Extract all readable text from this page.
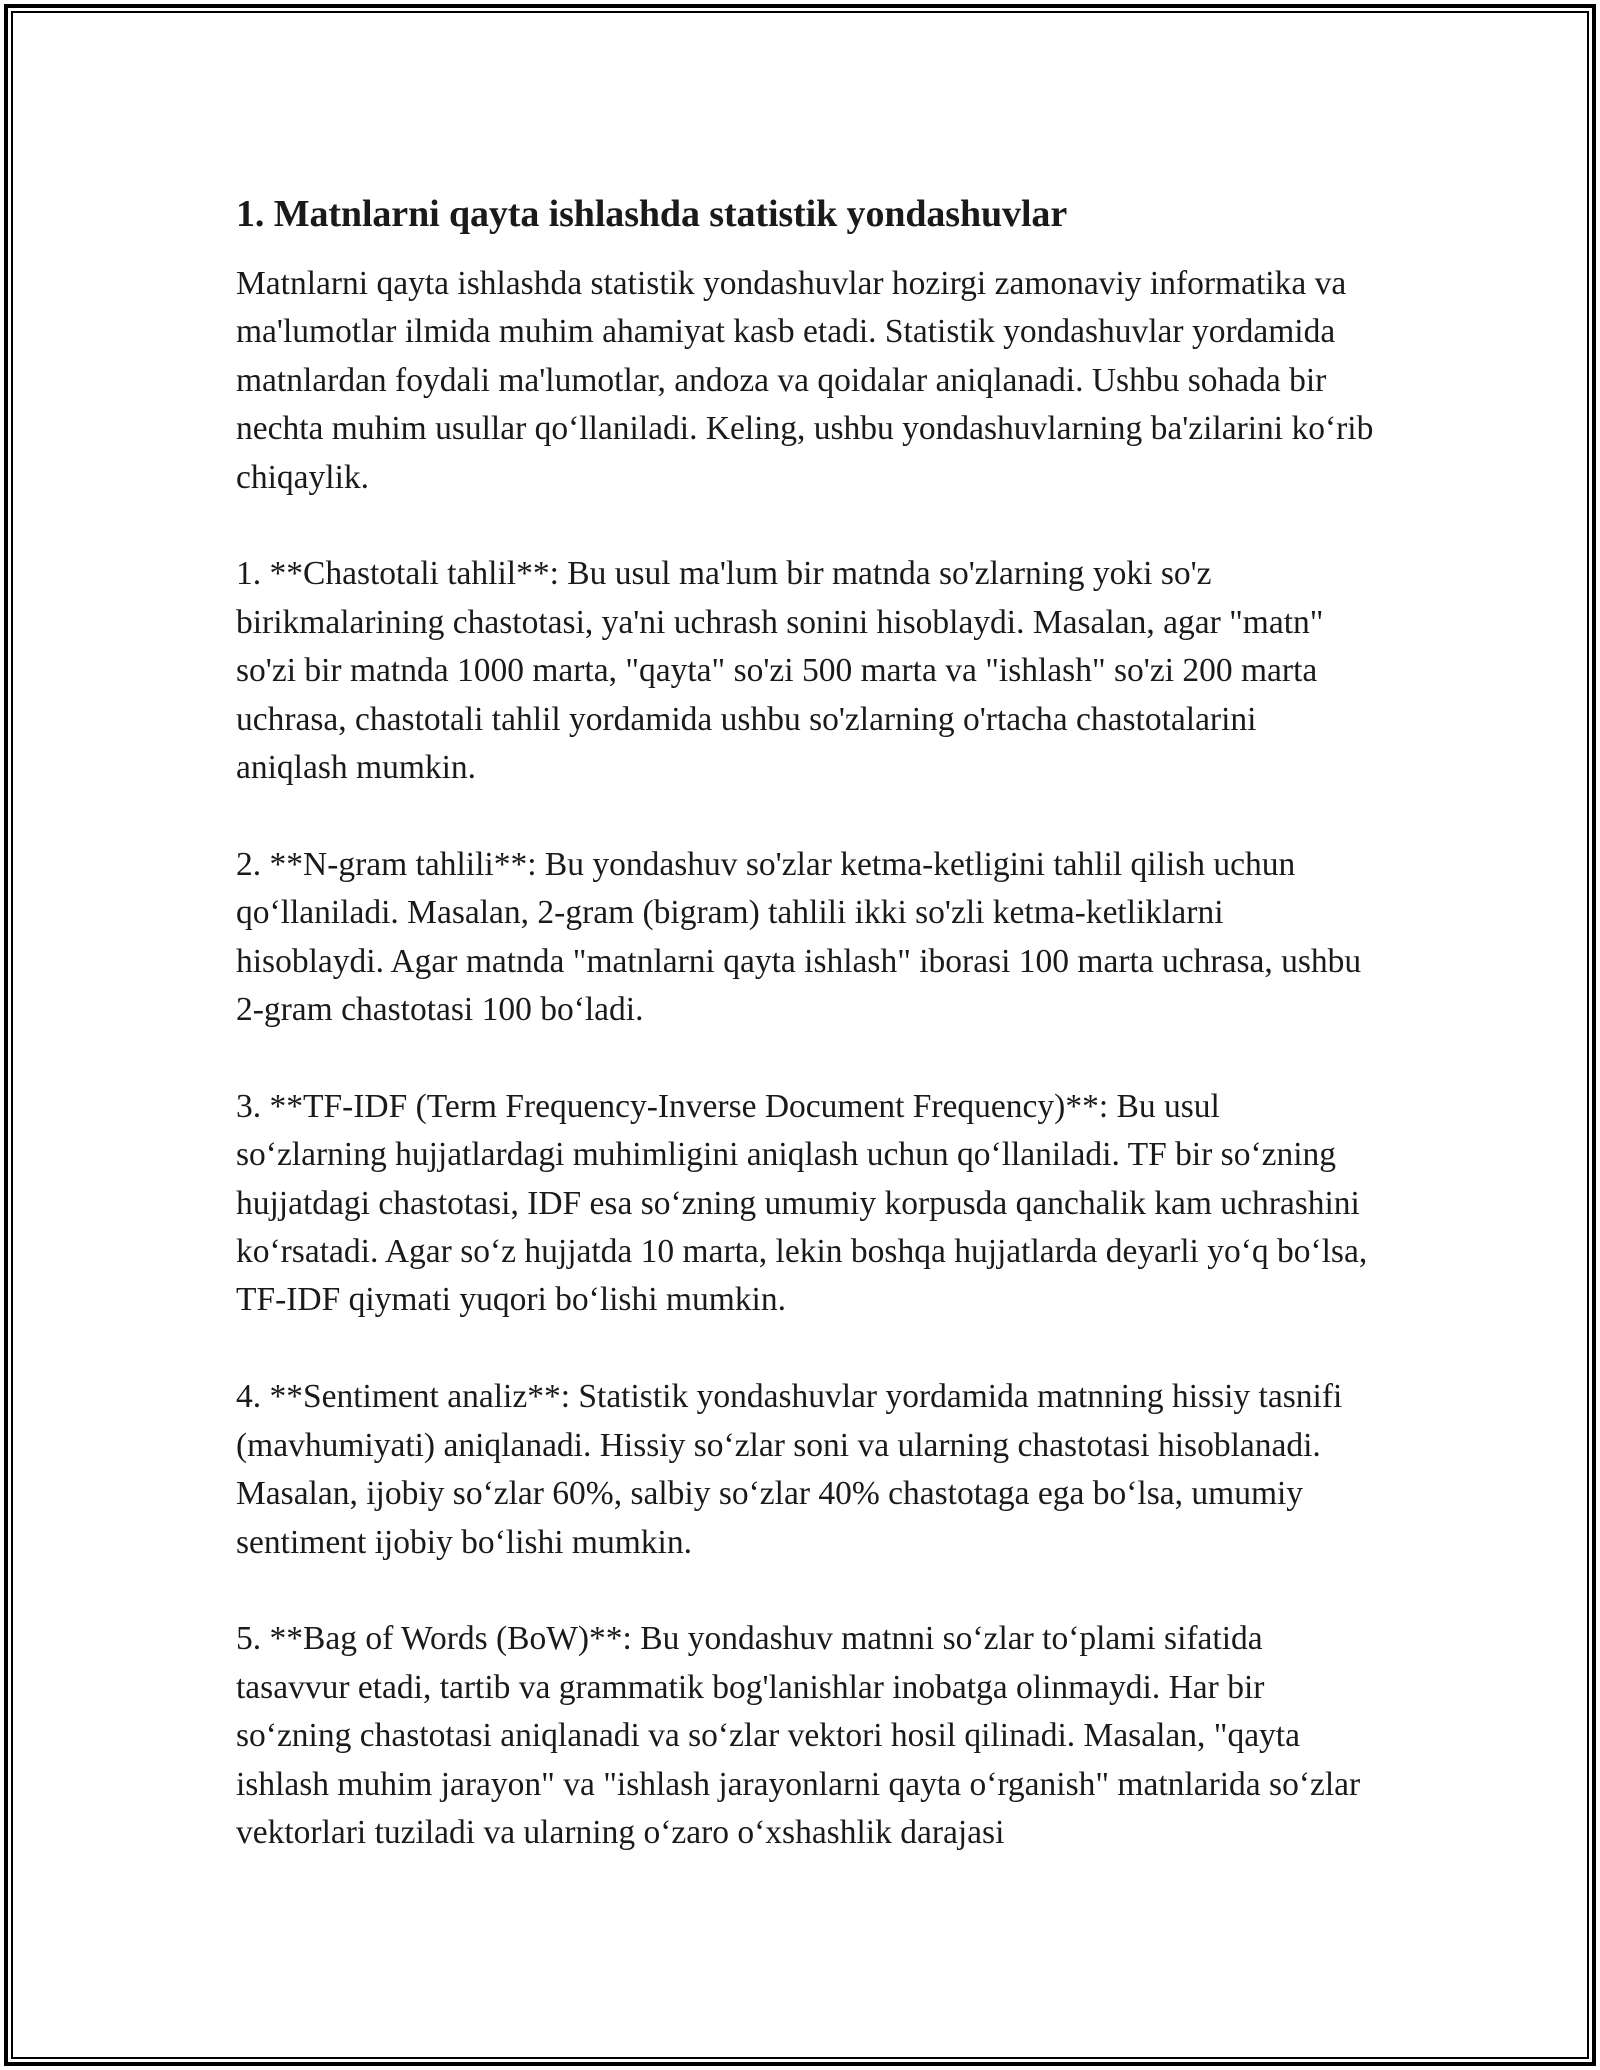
1. Matnlarni qayta ishlashda statistik yondashuvlar

Matnlarni qayta ishlashda statistik yondashuvlar hozirgi zamonaviy informatika va ma'lumotlar ilmida muhim ahamiyat kasb etadi. Statistik yondashuvlar yordamida matnlardan foydali ma'lumotlar, andoza va qoidalar aniqlanadi. Ushbu sohada bir nechta muhim usullar qo‘llaniladi. Keling, ushbu yondashuvlarning ba'zilarini ko‘rib chiqaylik.

1. **Chastotali tahlil**: Bu usul ma'lum bir matnda so'zlarning yoki so'z birikmalarining chastotasi, ya'ni uchrash sonini hisoblaydi. Masalan, agar "matn" so'zi bir matnda 1000 marta, "qayta" so'zi 500 marta va "ishlash" so'zi 200 marta uchrasa, chastotali tahlil yordamida ushbu so'zlarning o'rtacha chastotalarini aniqlash mumkin.

2. **N-gram tahlili**: Bu yondashuv so'zlar ketma-ketligini tahlil qilish uchun qo‘llaniladi. Masalan, 2-gram (bigram) tahlili ikki so'zli ketma-ketliklarni hisoblaydi. Agar matnda "matnlarni qayta ishlash" iborasi 100 marta uchrasa, ushbu 2-gram chastotasi 100 bo‘ladi.

3. **TF-IDF (Term Frequency-Inverse Document Frequency)**: Bu usul so‘zlarning hujjatlardagi muhimligini aniqlash uchun qo‘llaniladi. TF bir so‘zning hujjatdagi chastotasi, IDF esa so‘zning umumiy korpusda qanchalik kam uchrashini ko‘rsatadi. Agar so‘z hujjatda 10 marta, lekin boshqa hujjatlarda deyarli yo‘q bo‘lsa, TF-IDF qiymati yuqori bo‘lishi mumkin.

4. **Sentiment analiz**: Statistik yondashuvlar yordamida matnning hissiy tasnifi (mavhumiyati) aniqlanadi. Hissiy so‘zlar soni va ularning chastotasi hisoblanadi. Masalan, ijobiy so‘zlar 60%, salbiy so‘zlar 40% chastotaga ega bo‘lsa, umumiy sentiment ijobiy bo‘lishi mumkin.

5. **Bag of Words (BoW)**: Bu yondashuv matnni so‘zlar to‘plami sifatida tasavvur etadi, tartib va grammatik bog'lanishlar inobatga olinmaydi. Har bir so‘zning chastotasi aniqlanadi va so‘zlar vektori hosil qilinadi. Masalan, "qayta ishlash muhim jarayon" va "ishlash jarayonlarni qayta o‘rganish" matnlarida so‘zlar vektorlari tuziladi va ularning o‘zaro o‘xshashlik darajasi
